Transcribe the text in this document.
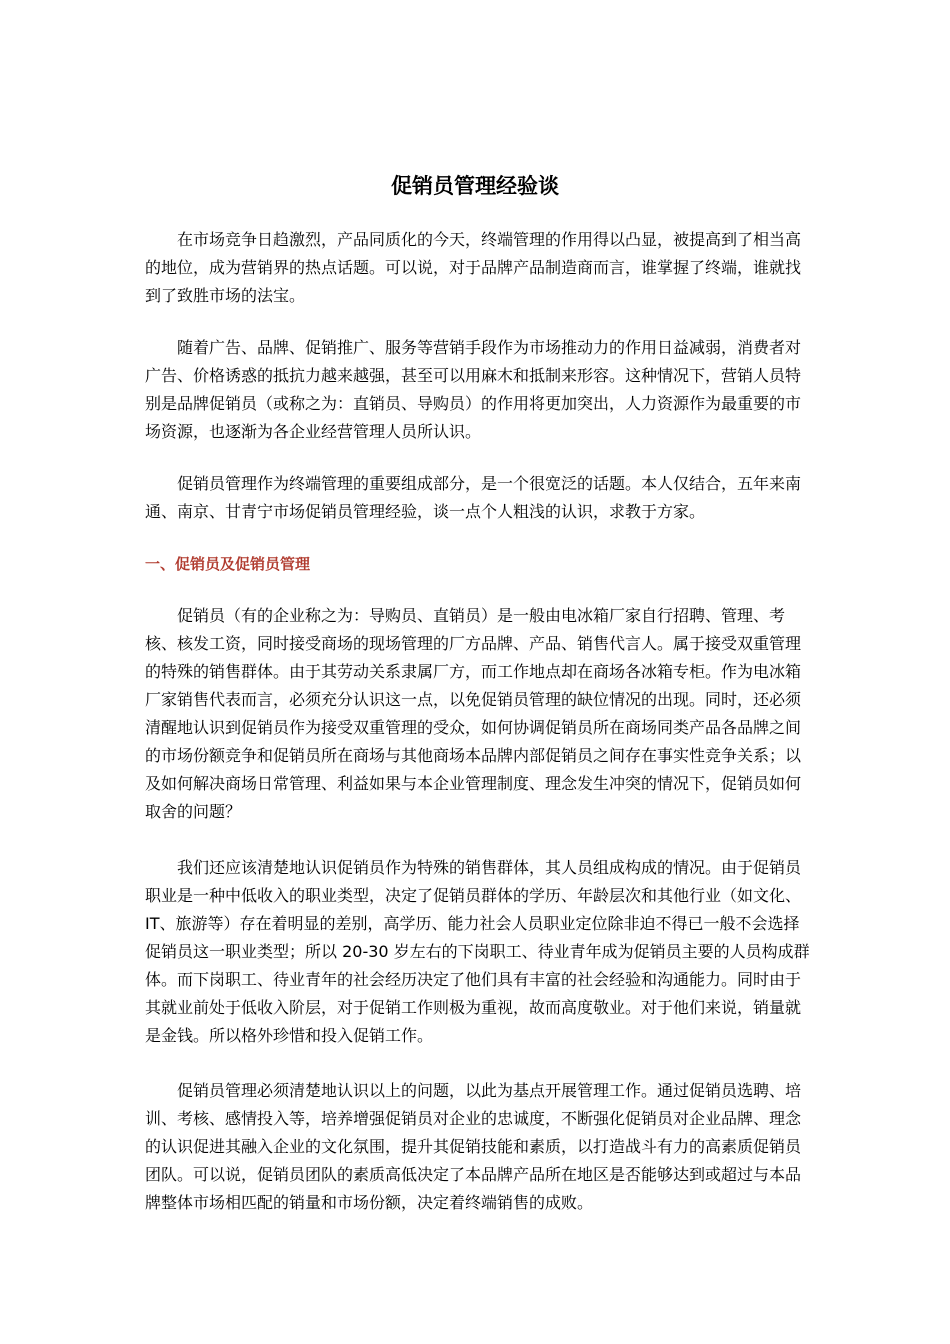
促销员管理经验谈

在市场竞争日趋激烈，产品同质化的今天，终端管理的作用得以凸显，被提高到了相当高的地位，成为营销界的热点话题。可以说，对于品牌产品制造商而言，谁掌握了终端，谁就找到了致胜市场的法宝。

随着广告、品牌、促销推广、服务等营销手段作为市场推动力的作用日益减弱，消费者对广告、价格诱惑的抵抗力越来越强，甚至可以用麻木和抵制来形容。这种情况下，营销人员特别是品牌促销员（或称之为：直销员、导购员）的作用将更加突出，人力资源作为最重要的市场资源，也逐渐为各企业经营管理人员所认识。

促销员管理作为终端管理的重要组成部分，是一个很宽泛的话题。本人仅结合，五年来南通、南京、甘青宁市场促销员管理经验，谈一点个人粗浅的认识，求教于方家。

一、促销员及促销员管理

促销员（有的企业称之为：导购员、直销员）是一般由电冰箱厂家自行招聘、管理、考核、核发工资，同时接受商场的现场管理的厂方品牌、产品、销售代言人。属于接受双重管理的特殊的销售群体。由于其劳动关系隶属厂方，而工作地点却在商场各冰箱专柜。作为电冰箱厂家销售代表而言，必须充分认识这一点，以免促销员管理的缺位情况的出现。同时，还必须清醒地认识到促销员作为接受双重管理的受众，如何协调促销员所在商场同类产品各品牌之间的市场份额竞争和促销员所在商场与其他商场本品牌内部促销员之间存在事实性竞争关系；以及如何解决商场日常管理、利益如果与本企业管理制度、理念发生冲突的情况下，促销员如何取舍的问题？

我们还应该清楚地认识促销员作为特殊的销售群体，其人员组成构成的情况。由于促销员职业是一种中低收入的职业类型，决定了促销员群体的学历、年龄层次和其他行业（如文化、IT、旅游等）存在着明显的差别，高学历、能力社会人员职业定位除非迫不得已一般不会选择促销员这一职业类型；所以 20-30 岁左右的下岗职工、待业青年成为促销员主要的人员构成群体。而下岗职工、待业青年的社会经历决定了他们具有丰富的社会经验和沟通能力。同时由于其就业前处于低收入阶层，对于促销工作则极为重视，故而高度敬业。对于他们来说，销量就是金钱。所以格外珍惜和投入促销工作。

促销员管理必须清楚地认识以上的问题，以此为基点开展管理工作。通过促销员选聘、培训、考核、感情投入等，培养增强促销员对企业的忠诚度，不断强化促销员对企业品牌、理念的认识促进其融入企业的文化氛围，提升其促销技能和素质，以打造战斗有力的高素质促销员团队。可以说，促销员团队的素质高低决定了本品牌产品所在地区是否能够达到或超过与本品牌整体市场相匹配的销量和市场份额，决定着终端销售的成败。
